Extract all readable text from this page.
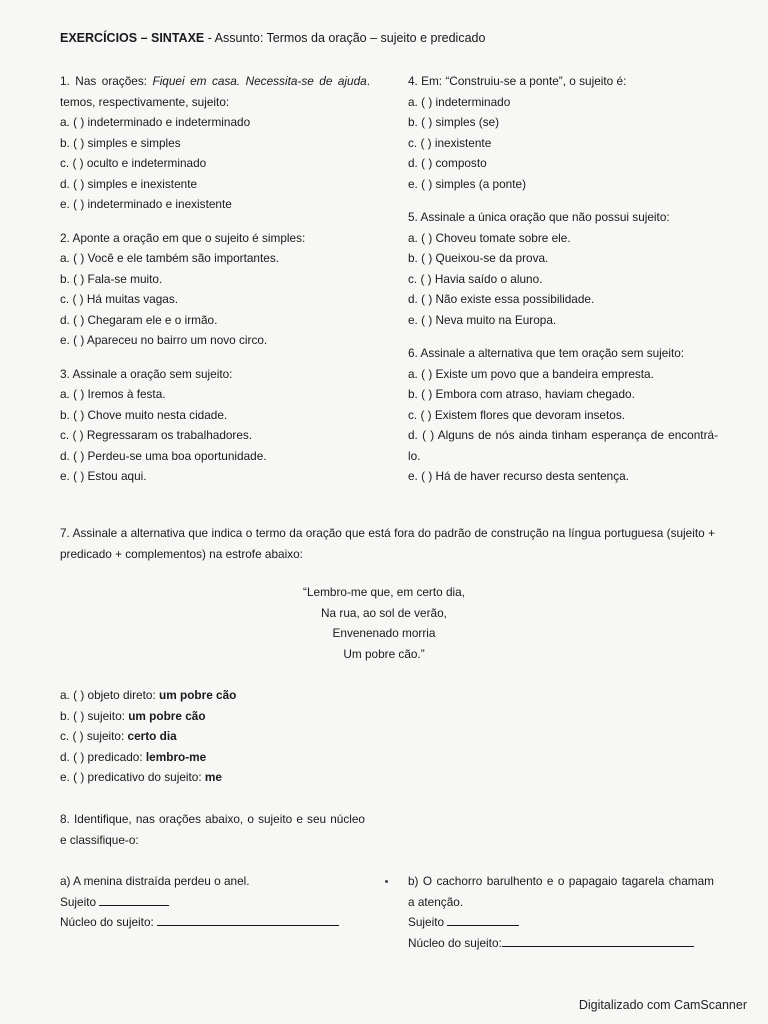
EXERCÍCIOS – SINTAXE - Assunto: Termos da oração – sujeito e predicado

1. Nas orações: Fiquei em casa. Necessita-se de ajuda. temos, respectivamente, sujeito:

a. ( ) indeterminado e indeterminado

b. ( ) simples e simples

c. ( ) oculto e indeterminado

d. ( ) simples e inexistente

e. ( ) indeterminado e inexistente

2. Aponte a oração em que o sujeito é simples:

a. ( ) Você e ele também são importantes.

b. ( ) Fala-se muito.

c. ( ) Há muitas vagas.

d. ( ) Chegaram ele e o irmão.

e. ( ) Apareceu no bairro um novo circo.

3. Assinale a oração sem sujeito:

a. ( ) Iremos à festa.

b. ( ) Chove muito nesta cidade.

c. ( ) Regressaram os trabalhadores.

d. ( ) Perdeu-se uma boa oportunidade.

e. ( ) Estou aqui.

4. Em: “Construiu-se a ponte”, o sujeito é:

a. ( ) indeterminado

b. ( ) simples (se)

c. ( ) inexistente

d. ( ) composto

e. ( ) simples (a ponte)

5. Assinale a única oração que não possui sujeito:

a. ( ) Choveu tomate sobre ele.

b. ( ) Queixou-se da prova.

c. ( ) Havia saído o aluno.

d. ( ) Não existe essa possibilidade.

e. ( ) Neva muito na Europa.

6. Assinale a alternativa que tem oração sem sujeito:

a. ( ) Existe um povo que a bandeira empresta.

b. ( ) Embora com atraso, haviam chegado.

c. ( ) Existem flores que devoram insetos.

d. ( ) Alguns de nós ainda tinham esperança de encontrá-lo.

e. ( ) Há de haver recurso desta sentença.

7. Assinale a alternativa que indica o termo da oração que está fora do padrão de construção na língua portuguesa (sujeito + predicado + complementos) na estrofe abaixo:

“Lembro-me que, em certo dia,

Na rua, ao sol de verão,

Envenenado morria

Um pobre cão.”

a. ( ) objeto direto: um pobre cão

b. ( ) sujeito: um pobre cão

c. ( ) sujeito: certo dia

d. ( ) predicado: lembro-me

e. ( ) predicativo do sujeito: me

8. Identifique, nas orações abaixo, o sujeito e seu núcleo e classifique-o:

a) A menina distraída perdeu o anel.

Sujeito

Núcleo do sujeito:

b) O cachorro barulhento e o papagaio tagarela chamam a atenção.

Sujeito

Núcleo do sujeito:

Digitalizado com CamScanner
